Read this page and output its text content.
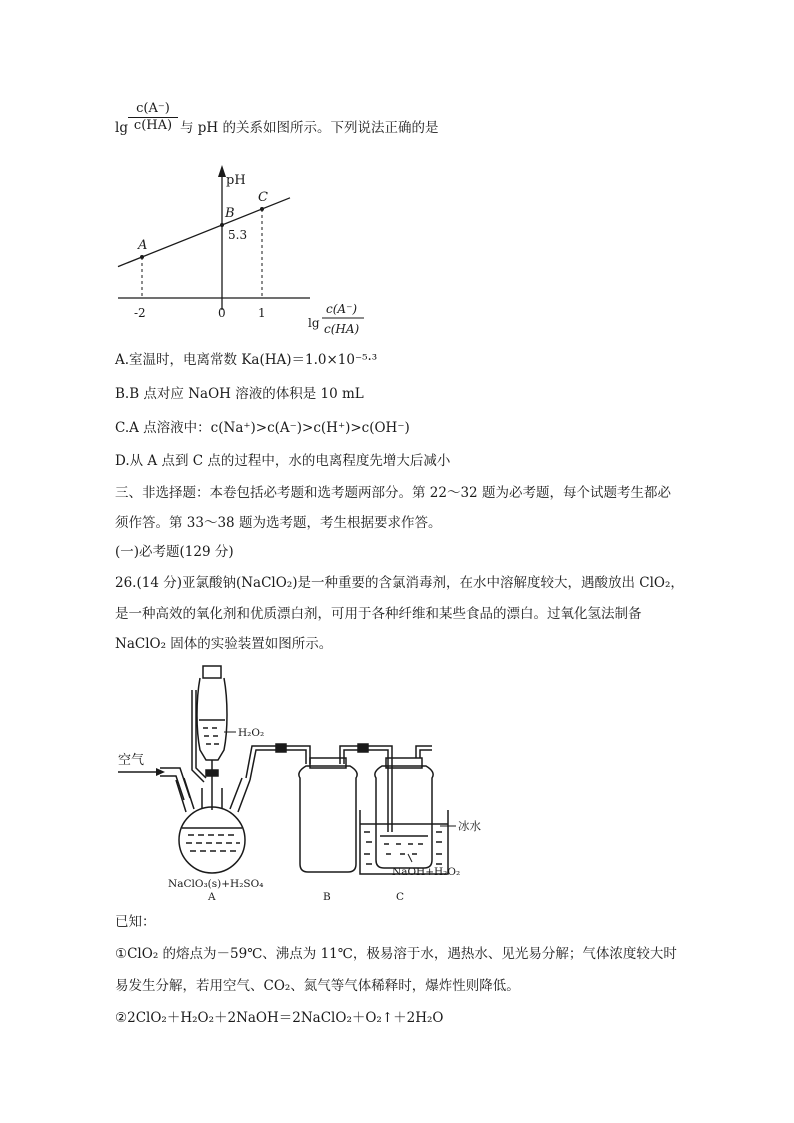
$\lg \frac{c(A^-)}{c(HA)}$ 与 pH 的关系如图所示。下列说法正确的是
pH
A
B
C
5.3
-2	0	1
lg
c(A⁻)
c(HA)
A.室温时，电离常数 Ka(HA)＝1.0×10⁻⁵·³
B.B 点对应 NaOH 溶液的体积是 10 mL
C.A 点溶液中：c(Na⁺)>c(A⁻)>c(H⁺)>c(OH⁻)
D.从 A 点到 C 点的过程中，水的电离程度先增大后减小
三、非选择题：本卷包括必考题和选考题两部分。第 22～32 题为必考题，每个试题考生都必
须作答。第 33～38 题为选考题，考生根据要求作答。
(一)必考题(129 分)
26.(14 分)亚氯酸钠(NaClO₂)是一种重要的含氯消毒剂，在水中溶解度较大，遇酸放出 ClO₂，
是一种高效的氧化剂和优质漂白剂，可用于各种纤维和某些食品的漂白。过氧化氢法制备
NaClO₂ 固体的实验装置如图所示。
空气
H₂O₂
NaClO₃(s)+H₂SO₄
A	B	C
冰水
NaOH+H₂O₂
已知：
①ClO₂ 的熔点为－59℃、沸点为 11℃，极易溶于水，遇热水、见光易分解；气体浓度较大时
易发生分解，若用空气、CO₂、氮气等气体稀释时，爆炸性则降低。
②2ClO₂＋H₂O₂＋2NaOH＝2NaClO₂＋O₂↑＋2H₂O
